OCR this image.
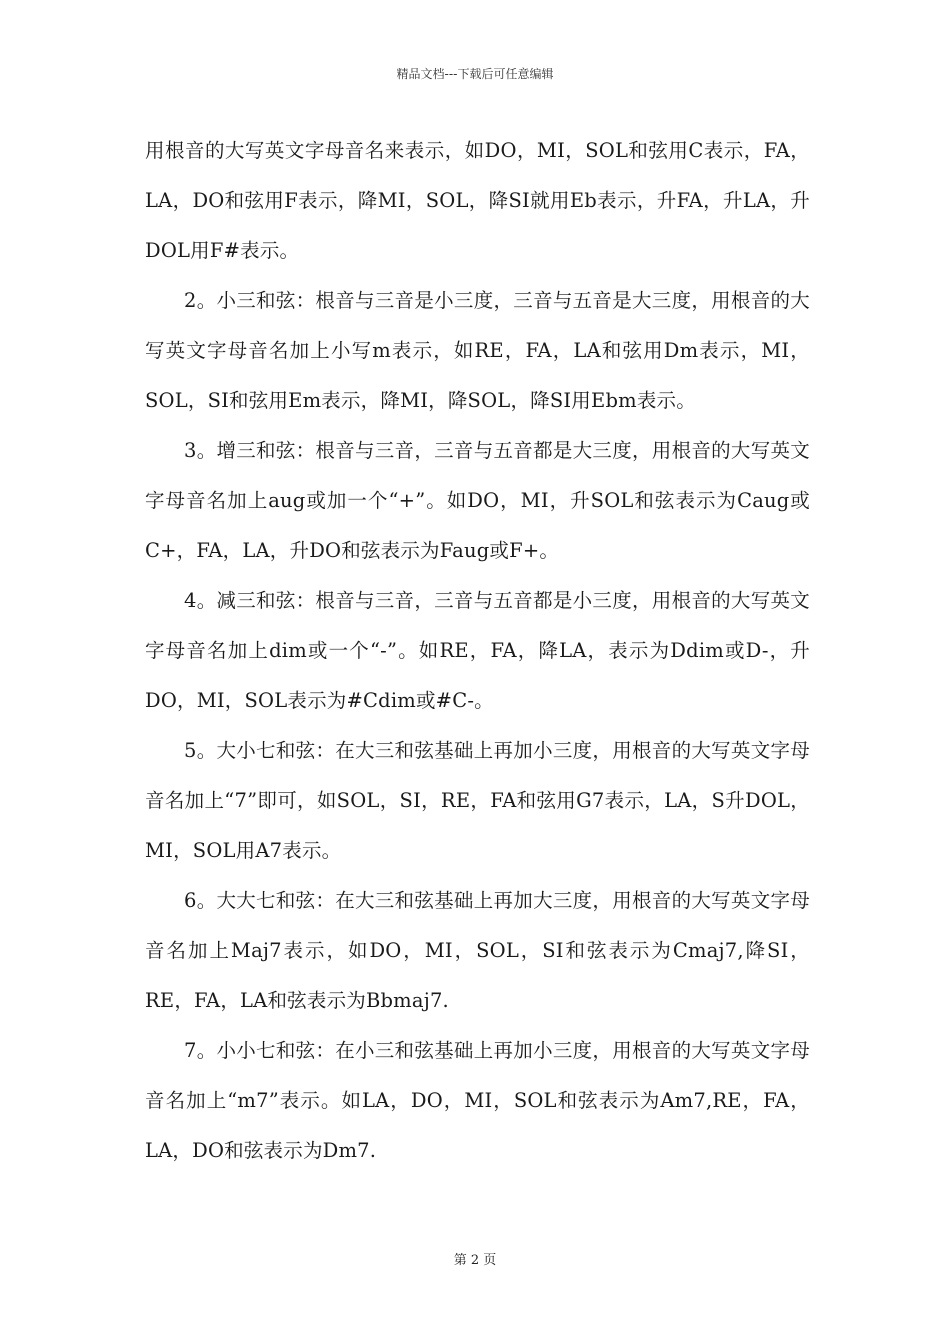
精品文档---下载后可任意编辑

用根音的大写英文字母音名来表示，如DO，MI，SOL和弦用C表示，FA，LA，DO和弦用F表示，降MI，SOL，降SI就用Eb表示，升FA，升LA，升DOL用F#表示。

2。小三和弦：根音与三音是小三度，三音与五音是大三度，用根音的大写英文字母音名加上小写m表示，如RE，FA，LA和弦用Dm表示，MI，SOL，SI和弦用Em表示，降MI，降SOL，降SI用Ebm表示。

3。增三和弦：根音与三音，三音与五音都是大三度，用根音的大写英文字母音名加上aug或加一个“+”。如DO，MI，升SOL和弦表示为Caug或C+，FA，LA，升DO和弦表示为Faug或F+。

4。减三和弦：根音与三音，三音与五音都是小三度，用根音的大写英文字母音名加上dim或一个“-”。如RE，FA，降LA，表示为Ddim或D-，升DO，MI，SOL表示为#Cdim或#C-。

5。大小七和弦：在大三和弦基础上再加小三度，用根音的大写英文字母音名加上“7”即可，如SOL，SI，RE，FA和弦用G7表示，LA，S升DOL，MI，SOL用A7表示。

6。大大七和弦：在大三和弦基础上再加大三度，用根音的大写英文字母音名加上Maj7表示，如DO，MI，SOL，SI和弦表示为Cmaj7,降SI，RE，FA，LA和弦表示为Bbmaj7.

7。小小七和弦：在小三和弦基础上再加小三度，用根音的大写英文字母音名加上“m7”表示。如LA，DO，MI，SOL和弦表示为Am7,RE，FA，LA，DO和弦表示为Dm7.

第 2 页
